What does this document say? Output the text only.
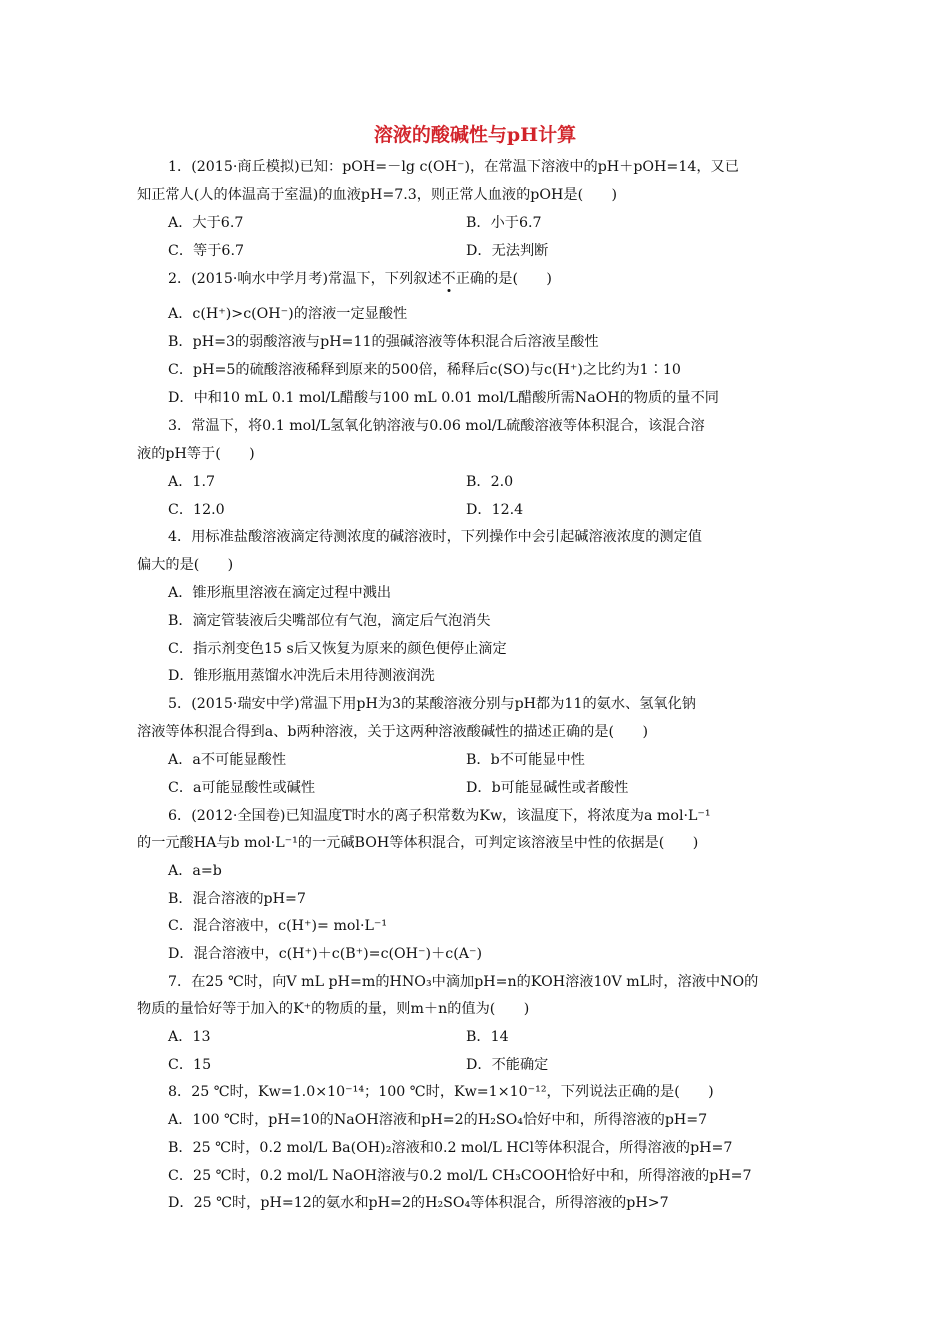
溶液的酸碱性与pH计算
1．(2015·商丘模拟)已知：pOH=－lg c(OH⁻)，在常温下溶液中的pH＋pOH=14，又已
知正常人(人的体温高于室温)的血液pH=7.3，则正常人血液的pOH是(　　)
A．大于6.7	B．小于6.7
C．等于6.7	D．无法判断
2．(2015·响水中学月考)常温下，下列叙述不正确的是(　　)
A．c(H⁺)>c(OH⁻)的溶液一定显酸性
B．pH=3的弱酸溶液与pH=11的强碱溶液等体积混合后溶液呈酸性
C．pH=5的硫酸溶液稀释到原来的500倍，稀释后c(SO)与c(H⁺)之比约为1∶10
D．中和10 mL 0.1 mol/L醋酸与100 mL 0.01 mol/L醋酸所需NaOH的物质的量不同
3．常温下，将0.1 mol/L氢氧化钠溶液与0.06 mol/L硫酸溶液等体积混合，该混合溶
液的pH等于(　　)
A．1.7	B．2.0
C．12.0	D．12.4
4．用标准盐酸溶液滴定待测浓度的碱溶液时，下列操作中会引起碱溶液浓度的测定值
偏大的是(　　)
A．锥形瓶里溶液在滴定过程中溅出
B．滴定管装液后尖嘴部位有气泡，滴定后气泡消失
C．指示剂变色15 s后又恢复为原来的颜色便停止滴定
D．锥形瓶用蒸馏水冲洗后未用待测液润洗
5．(2015·瑞安中学)常温下用pH为3的某酸溶液分别与pH都为11的氨水、氢氧化钠
溶液等体积混合得到a、b两种溶液，关于这两种溶液酸碱性的描述正确的是(　　)
A．a不可能显酸性	B．b不可能显中性
C．a可能显酸性或碱性	D．b可能显碱性或者酸性
6．(2012·全国卷)已知温度T时水的离子积常数为Kw，该温度下，将浓度为a mol·L⁻¹
的一元酸HA与b mol·L⁻¹的一元碱BOH等体积混合，可判定该溶液呈中性的依据是(　　)
A．a=b
B．混合溶液的pH=7
C．混合溶液中，c(H⁺)= mol·L⁻¹
D．混合溶液中，c(H⁺)＋c(B⁺)=c(OH⁻)＋c(A⁻)
7．在25 ℃时，向V mL pH=m的HNO₃中滴加pH=n的KOH溶液10V mL时，溶液中NO的
物质的量恰好等于加入的K⁺的物质的量，则m＋n的值为(　　)
A．13	B．14
C．15	D．不能确定
8．25 ℃时，Kw=1.0×10⁻¹⁴；100 ℃时，Kw=1×10⁻¹²，下列说法正确的是(　　)
A．100 ℃时，pH=10的NaOH溶液和pH=2的H₂SO₄恰好中和，所得溶液的pH=7
B．25 ℃时，0.2 mol/L Ba(OH)₂溶液和0.2 mol/L HCl等体积混合，所得溶液的pH=7
C．25 ℃时，0.2 mol/L NaOH溶液与0.2 mol/L CH₃COOH恰好中和，所得溶液的pH=7
D．25 ℃时，pH=12的氨水和pH=2的H₂SO₄等体积混合，所得溶液的pH>7
